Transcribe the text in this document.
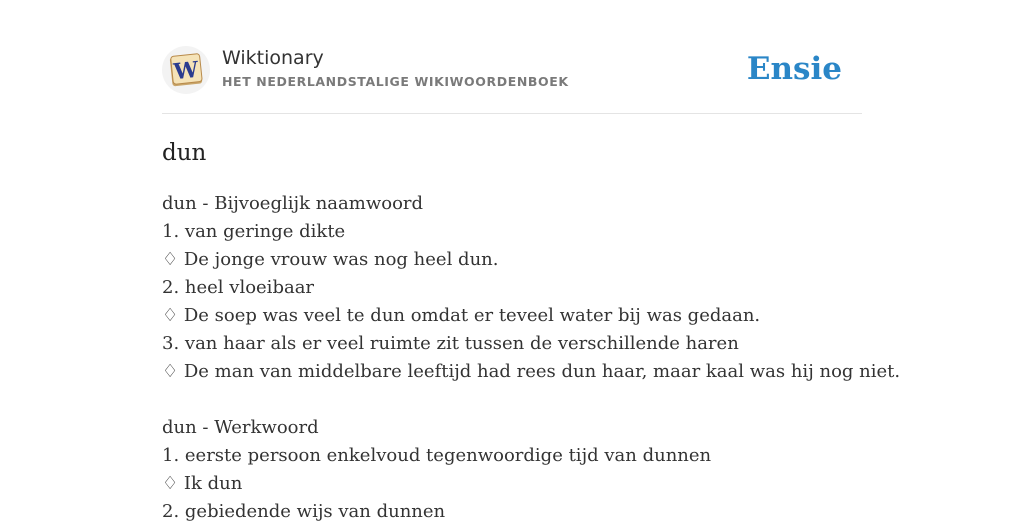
W Wiktionary
HET NEDERLANDSTALIGE WIKIWOORDENBOEK	Ensie
dun
dun - Bijvoeglijk naamwoord
1. van geringe dikte
♢ De jonge vrouw was nog heel dun.
2. heel vloeibaar
♢ De soep was veel te dun omdat er teveel water bij was gedaan.
3. van haar als er veel ruimte zit tussen de verschillende haren
♢ De man van middelbare leeftijd had rees dun haar, maar kaal was hij nog niet.
dun - Werkwoord
1. eerste persoon enkelvoud tegenwoordige tijd van dunnen
♢ Ik dun
2. gebiedende wijs van dunnen
